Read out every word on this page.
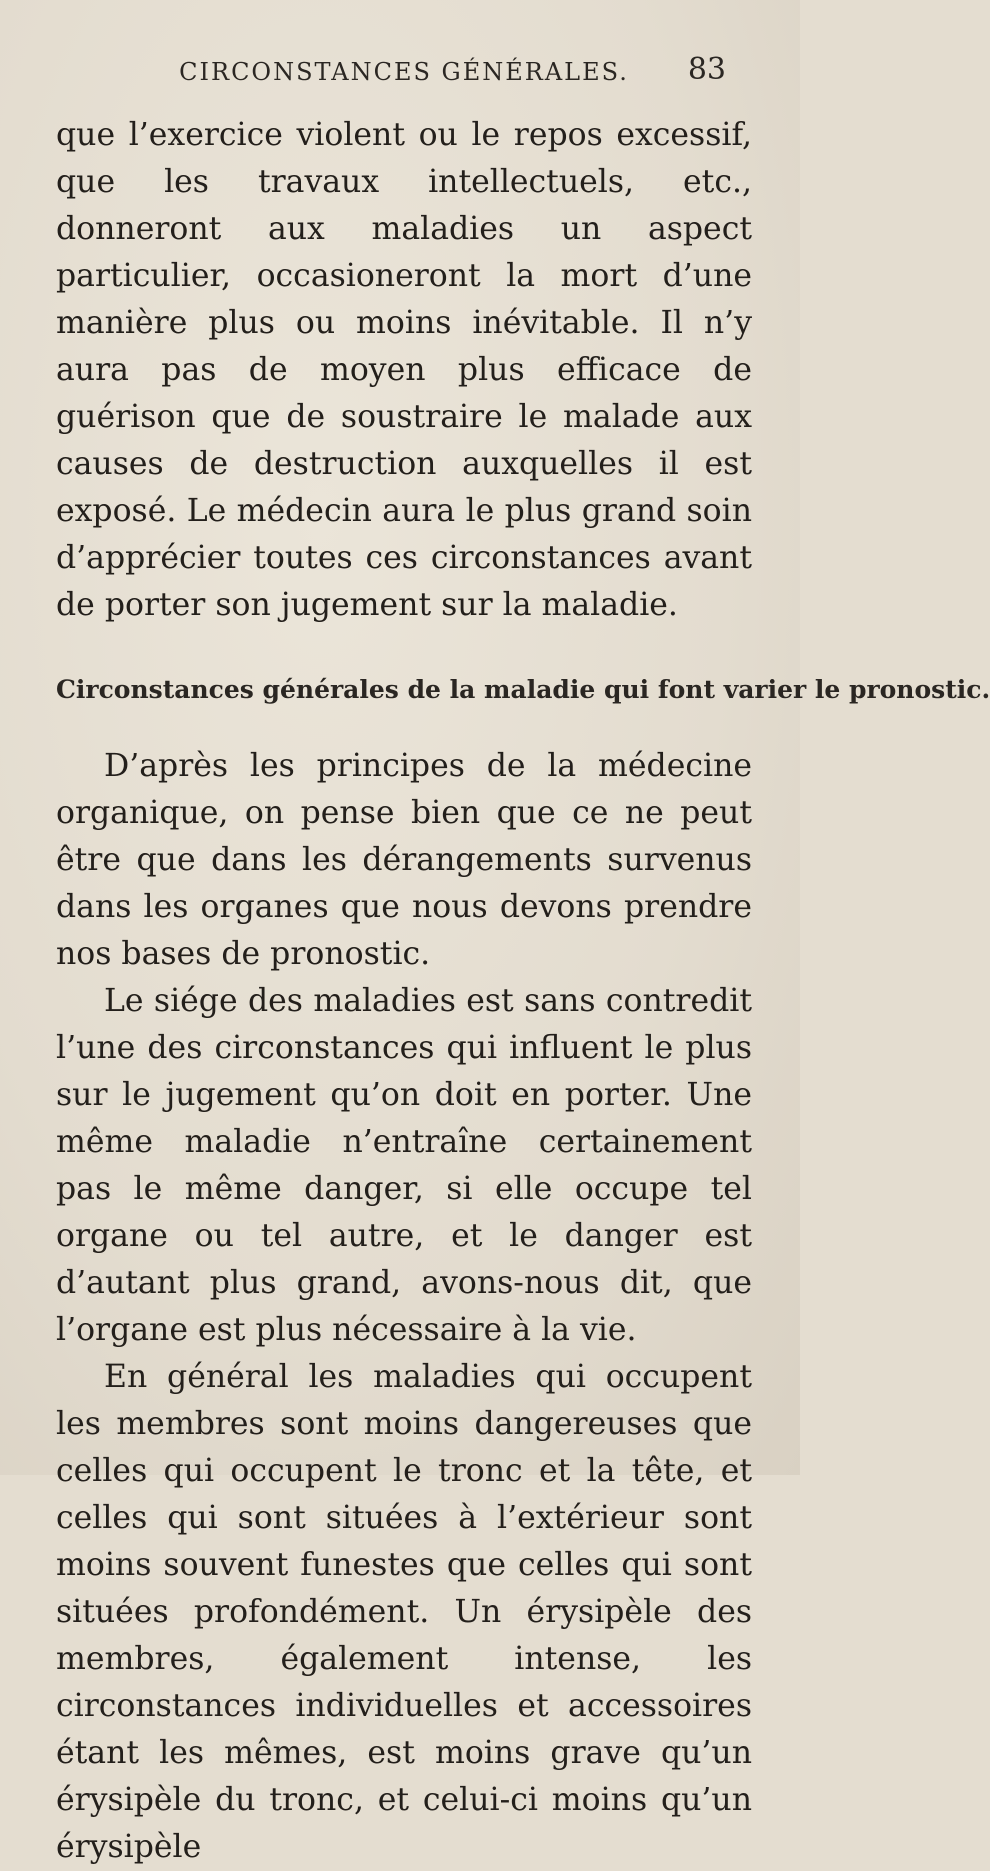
CIRCONSTANCES GÉNÉRALES.	83

que l’exercice violent ou le repos excessif, que les travaux intellectuels, etc., donneront aux maladies un aspect particulier, occasioneront la mort d’une manière plus ou moins inévitable. Il n’y aura pas de moyen plus efficace de guérison que de soustraire le malade aux causes de destruction auxquelles il est exposé. Le médecin aura le plus grand soin d’apprécier toutes ces circonstances avant de porter son jugement sur la maladie.

Circonstances générales de la maladie qui font varier le pronostic.

D’après les principes de la médecine organique, on pense bien que ce ne peut être que dans les dérangements survenus dans les organes que nous devons prendre nos bases de pronostic.

Le siége des maladies est sans contredit l’une des circonstances qui influent le plus sur le jugement qu’on doit en porter. Une même maladie n’entraîne certainement pas le même danger, si elle occupe tel organe ou tel autre, et le danger est d’autant plus grand, avons-nous dit, que l’organe est plus nécessaire à la vie.

En général les maladies qui occupent les membres sont moins dangereuses que celles qui occupent le tronc et la tête, et celles qui sont situées à l’extérieur sont moins souvent funestes que celles qui sont situées profondément. Un érysipèle des membres, également intense, les circonstances individuelles et accessoires étant les mêmes, est moins grave qu’un érysipèle du tronc, et celui-ci moins qu’un érysipèle
